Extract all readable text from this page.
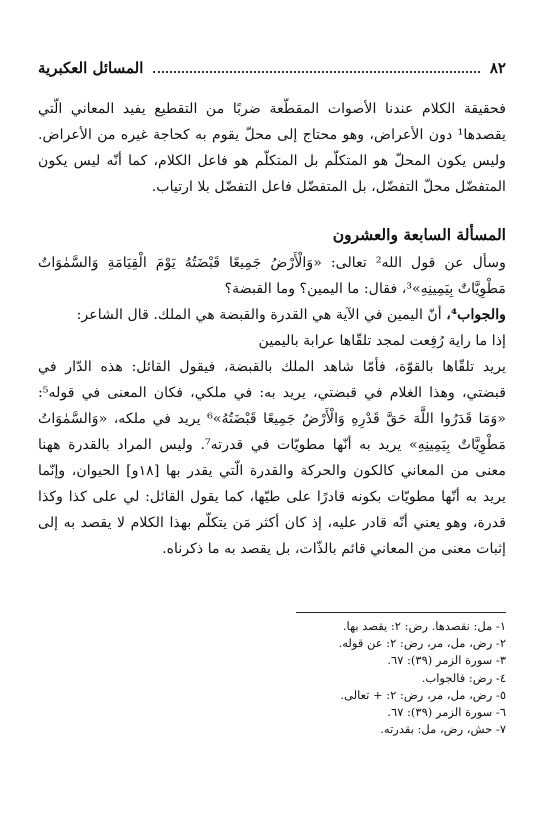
٨٢
المسائل العكبرية

فحقيقة الكلام عندنا الأصوات المقطّعة ضربًا من التقطيع يفيد المعاني الّتي يقصدها¹ دون الأعراض، وهو محتاج إلى محلّ يقوم به كحاجة غيره من الأعراض. وليس يكون المحلّ هو المتكلّم بل المتكلّم هو فاعل الكلام، كما أنّه ليس يكون المتفضّل محلّ التفضّل، بل المتفضّل فاعل التفضّل بلا ارتياب.

المسألة السابعة والعشرون

وسأل عن قول الله² تعالى: «وَالْأَرْضُ جَمِيعًا قَبْضَتُهُ يَوْمَ الْقِيَامَةِ وَالسَّمٰوَاتُ مَطْوِيَّاتٌ بِيَمِينِهِ»³، فقال: ما اليمين؟ وما القبضة؟

والجواب⁴، أنّ اليمين في الآية هي القدرة والقبضة هي الملك. قال الشاعر:

إذا ما راية رُفِعت لمجد تلقّاها عرابة باليمين

يريد تلقّاها بالقوّة، فأمّا شاهد الملك بالقبضة، فيقول القائل: هذه الدّار في قبضتي، وهذا الغلام في قبضتي، يريد به: في ملكي، فكان المعنى في قوله⁵: «وَمَا قَدَرُوا اللَّهَ حَقَّ قَدْرِهِ وَالْأَرْضُ جَمِيعًا قَبْضَتُهُ»⁶ يريد في ملكه، «وَالسَّمٰوَاتُ مَطْوِيَّاتٌ بِيَمِينِهِ» يريد به أنّها مطويّات في قدرته⁷. وليس المراد بالقدرة ههنا معنى من المعاني كالكون والحركة والقدرة الّتي يقدر بها [١٨و] الحيوان، وإنّما يريد به أنّها مطويّات بكونه قادرًا على طيّها، كما يقول القائل: لي على كذا وكذا قدرة، وهو يعني أنّه قادر عليه، إذ كان أكثر مَن يتكلّم بهذا الكلام لا يقصد به إلى إثبات معنى من المعاني قائم بالذّات، بل يقصد به ما ذكرناه.

١- مل: نقصدها. رض: ٢: يقصد بها.
٢- رض، مل، مر، رض: ٢: عن قوله.
٣- سورة الزمر (٣٩): ٦٧.
٤- رض: فالجواب.
٥- رض، مل، مر، رض: ٢: + تعالى.
٦- سورة الزمر (٣٩): ٦٧.
٧- حش، رض، مل: بقدرته.
